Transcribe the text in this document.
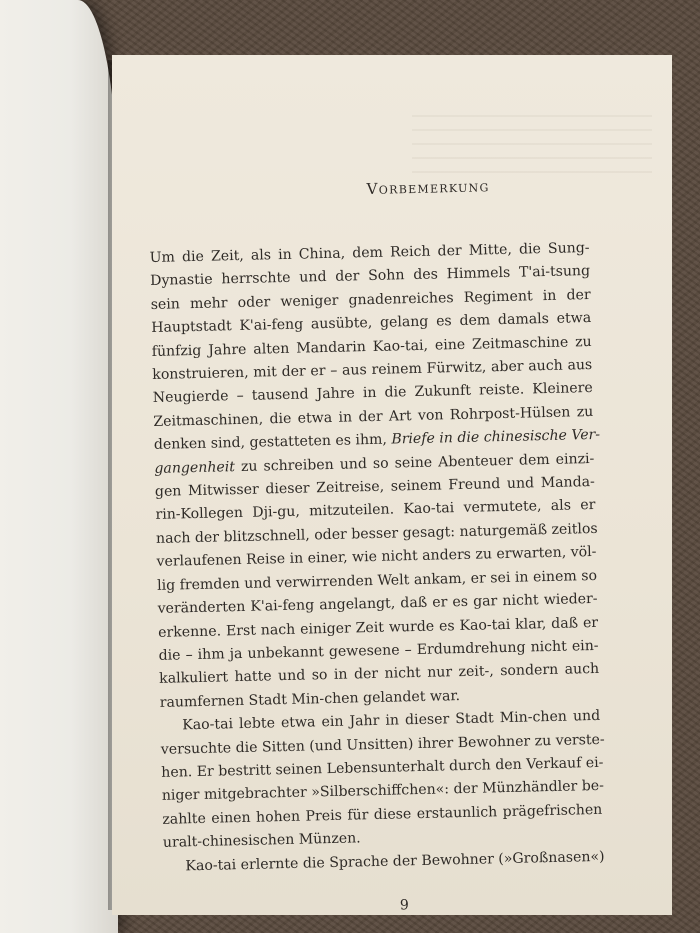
Vorbemerkung

Um die Zeit, als in China, dem Reich der Mitte, die Sung-
Dynastie herrschte und der Sohn des Himmels T'ai-tsung
sein mehr oder weniger gnadenreiches Regiment in der
Hauptstadt K'ai-feng ausübte, gelang es dem damals etwa
fünfzig Jahre alten Mandarin Kao-tai, eine Zeitmaschine zu
konstruieren, mit der er – aus reinem Fürwitz, aber auch aus
Neugierde – tausend Jahre in die Zukunft reiste. Kleinere
Zeitmaschinen, die etwa in der Art von Rohrpost-Hülsen zu
denken sind, gestatteten es ihm, Briefe in die chinesische Ver-
gangenheit zu schreiben und so seine Abenteuer dem einzi-
gen Mitwisser dieser Zeitreise, seinem Freund und Manda-
rin-Kollegen Dji-gu, mitzuteilen. Kao-tai vermutete, als er
nach der blitzschnell, oder besser gesagt: naturgemäß zeitlos
verlaufenen Reise in einer, wie nicht anders zu erwarten, völ-
lig fremden und verwirrenden Welt ankam, er sei in einem so
veränderten K'ai-feng angelangt, daß er es gar nicht wieder-
erkenne. Erst nach einiger Zeit wurde es Kao-tai klar, daß er
die – ihm ja unbekannt gewesene – Erdumdrehung nicht ein-
kalkuliert hatte und so in der nicht nur zeit-, sondern auch
raumfernen Stadt Min-chen gelandet war.

Kao-tai lebte etwa ein Jahr in dieser Stadt Min-chen und
versuchte die Sitten (und Unsitten) ihrer Bewohner zu verste-
hen. Er bestritt seinen Lebensunterhalt durch den Verkauf ei-
niger mitgebrachter »Silberschiffchen«: der Münzhändler be-
zahlte einen hohen Preis für diese erstaunlich prägefrischen
uralt-chinesischen Münzen.

Kao-tai erlernte die Sprache der Bewohner (»Großnasen«)

9
